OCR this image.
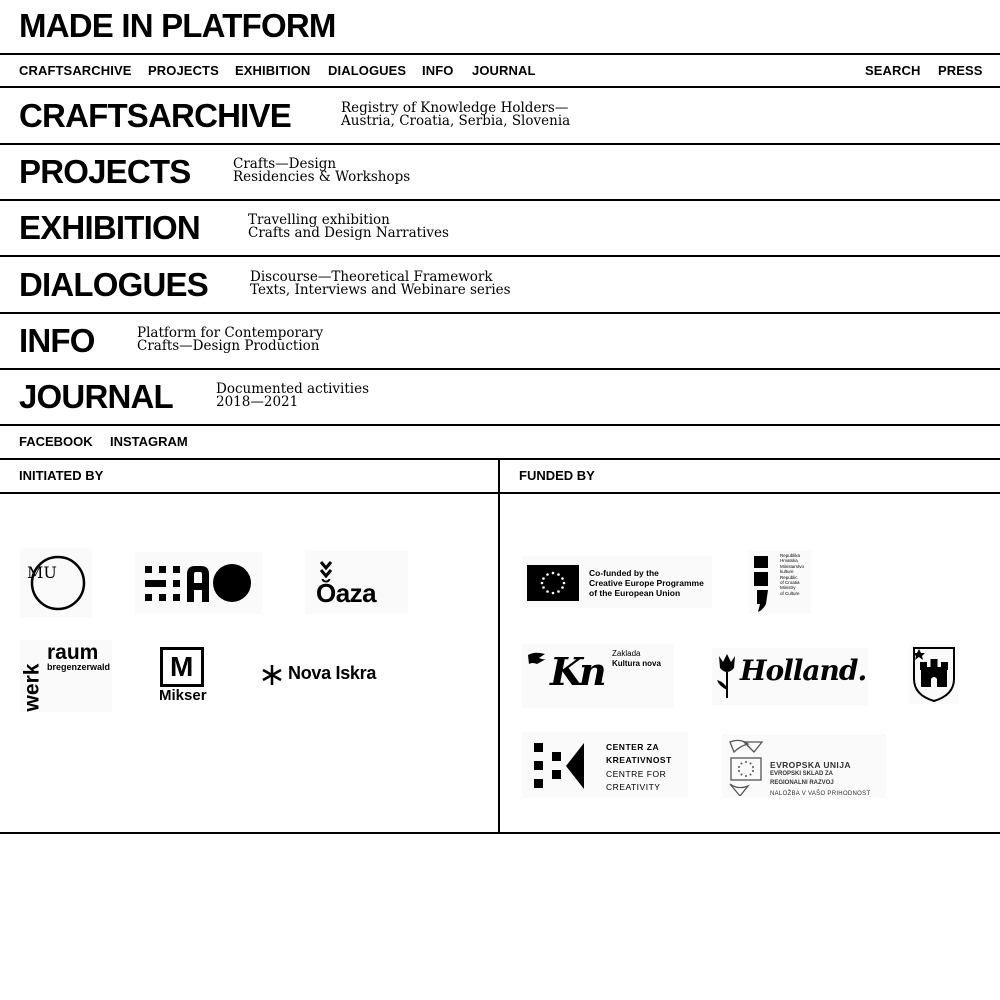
MADE IN PLATFORM
CRAFTSARCHIVE PROJECTS EXHIBITION DIALOGUES INFO JOURNAL	SEARCH PRESS
CRAFTSARCHIVE	Registry of Knowledge Holders—
Austria, Croatia, Serbia, Slovenia
PROJECTS	Crafts—Design
Residencies & Workshops
EXHIBITION	Travelling exhibition
Crafts and Design Narratives
DIALOGUES	Discourse—Theoretical Framework
Texts, Interviews and Webinare series
INFO	Platform for Contemporary
Crafts—Design Production
JOURNAL	Documented activities
2018—2021
FACEBOOK INSTAGRAM
INITIATED BY	FUNDED BY
MU
Ŏaza
werk
raum
bregenzerwald M
Mikser
Nova Iskra
Co-funded by the
Creative Europe Programme
of the European Union
Republika
Hrvatska
Ministarstvo
kulture
Republic
of Croatia
Ministry
of Culture
Kn Zaklada
Kultura nova	Holland.
CENTER ZA
KREATIVNOST
CENTRE FOR
CREATIVITY
EVROPSKA UNIJA
EVROPSKI SKLAD ZA
REGIONALNI RAZVOJ
NALOŽBA V VAŠO PRIHODNOST
